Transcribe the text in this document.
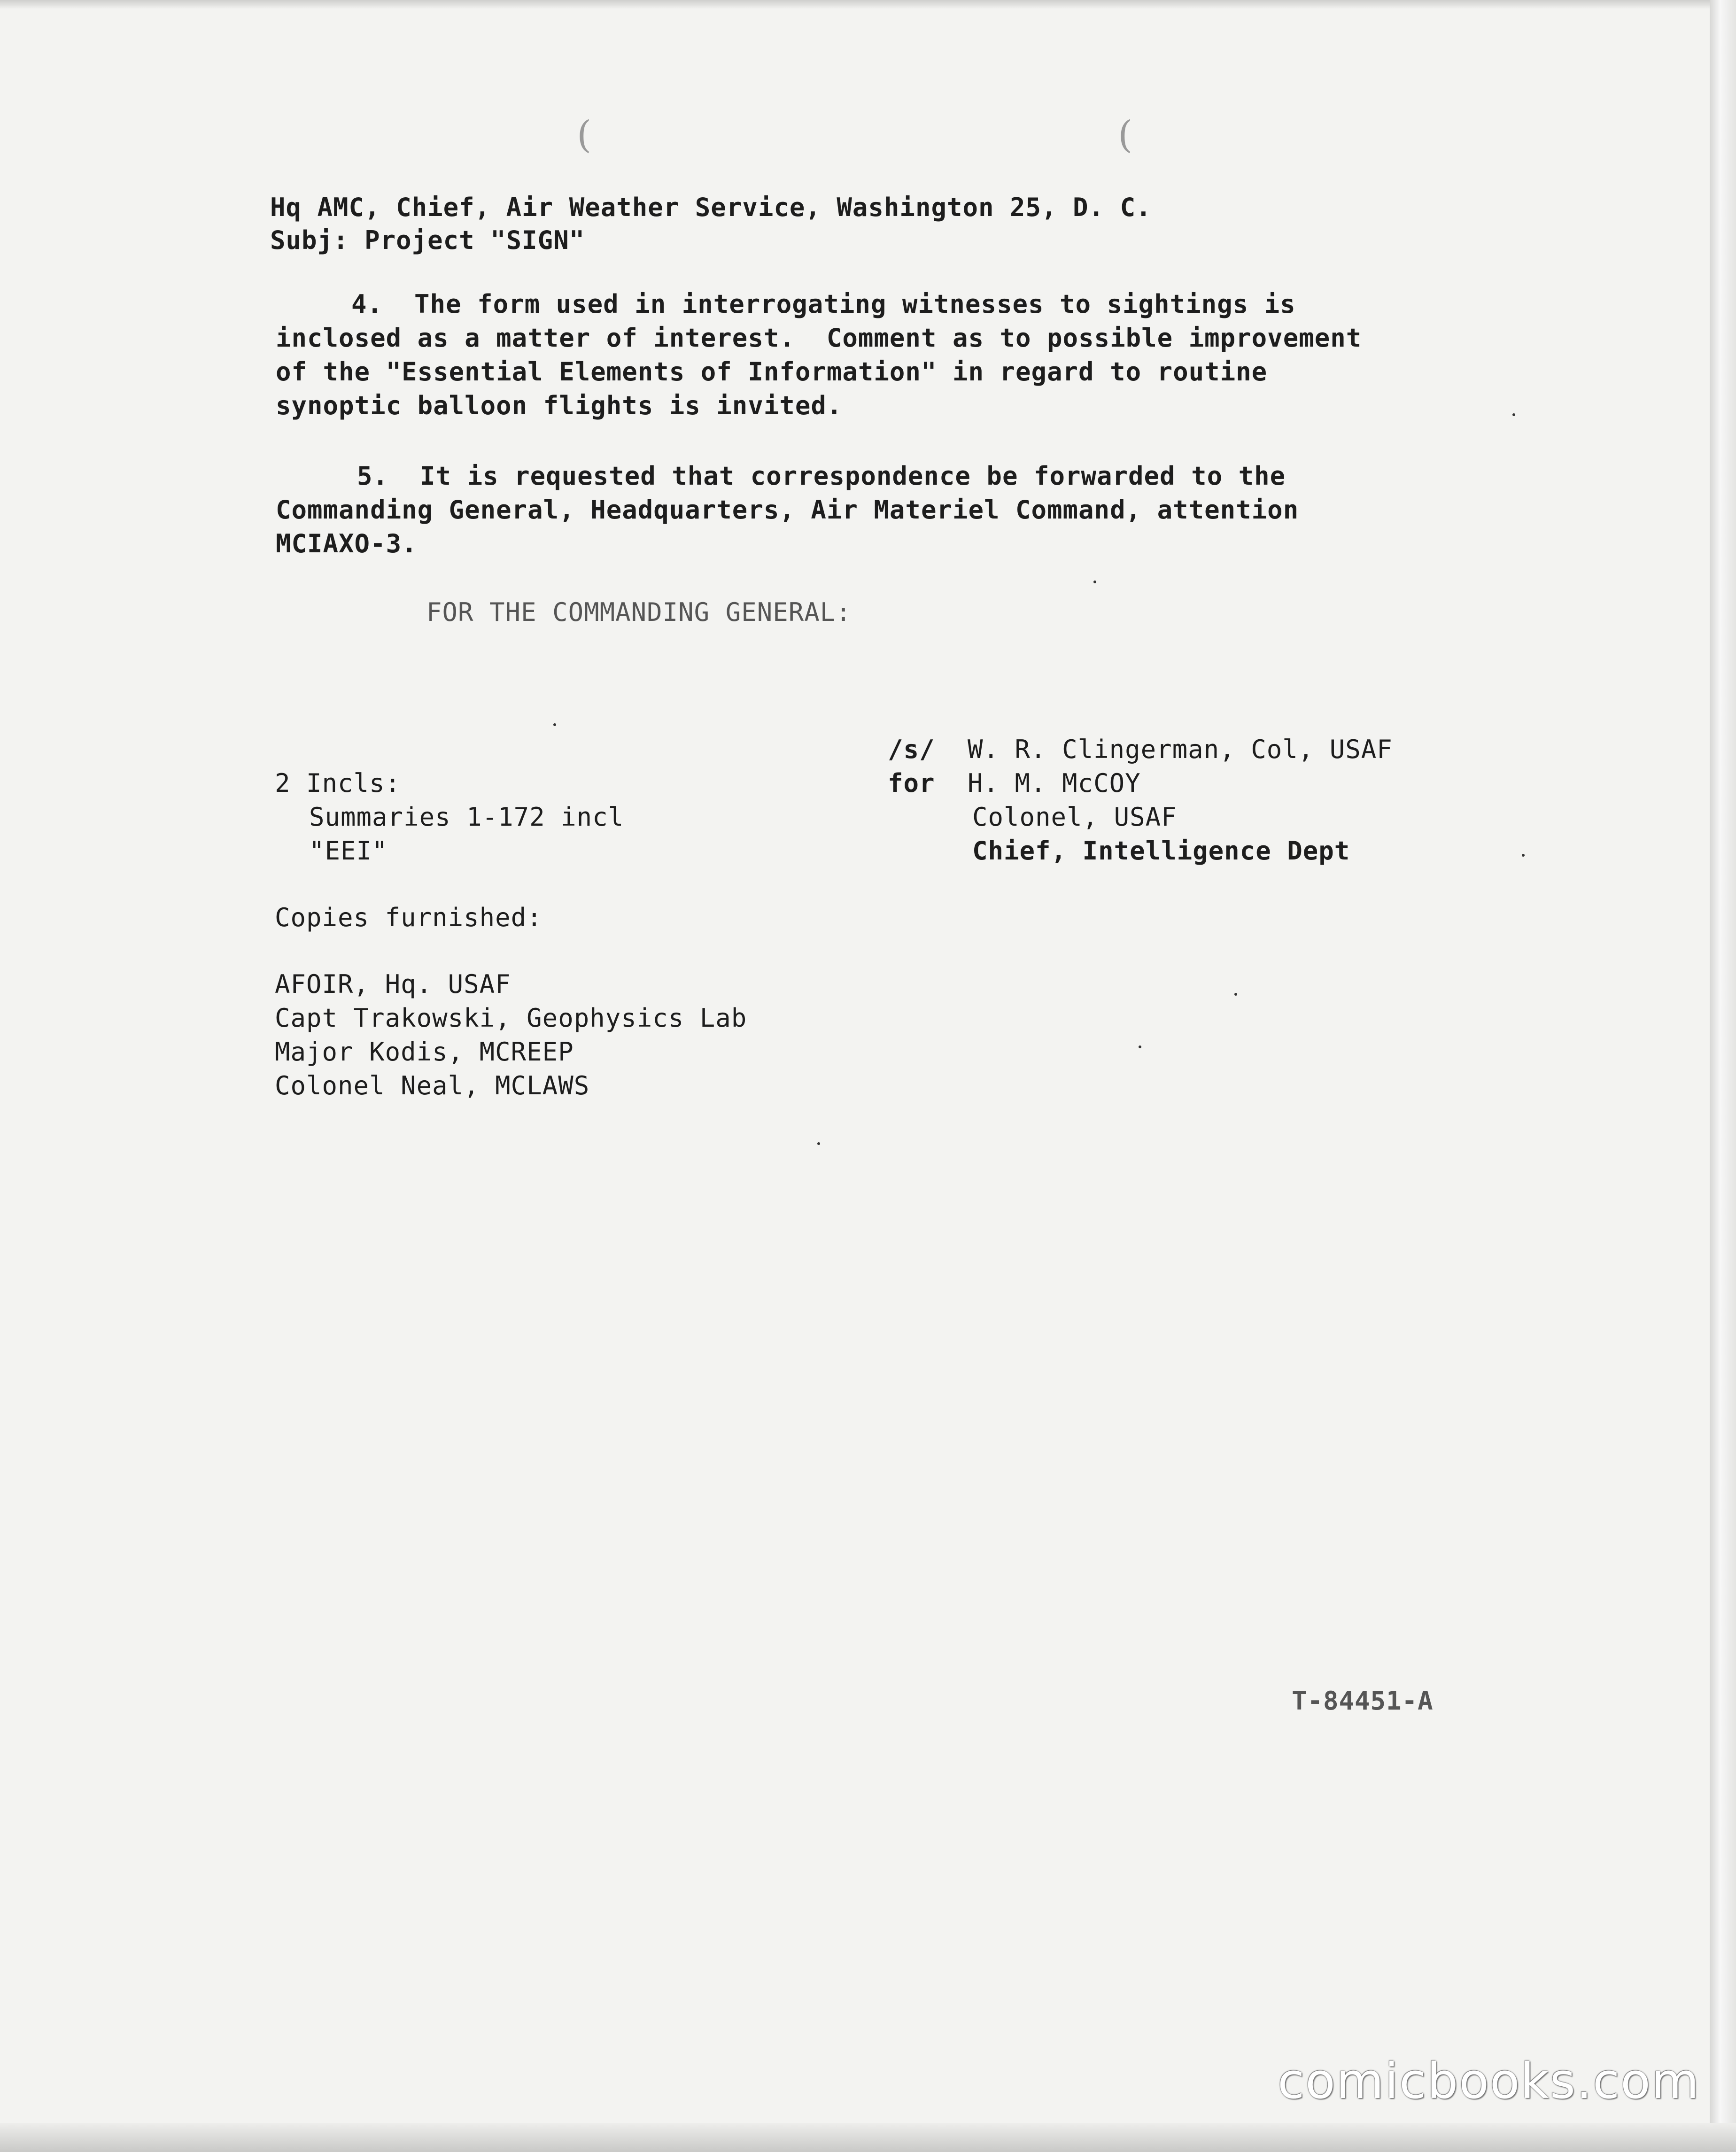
(	(
Hq AMC, Chief, Air Weather Service, Washington 25, D. C.
Subj: Project "SIGN"
4.  The form used in interrogating witnesses to sightings is
inclosed as a matter of interest.  Comment as to possible improvement
of the "Essential Elements of Information" in regard to routine
synoptic balloon flights is invited.
5.  It is requested that correspondence be forwarded to the
Commanding General, Headquarters, Air Materiel Command, attention
MCIAXO-3.
FOR THE COMMANDING GENERAL:
/s/ W. R. Clingerman, Col, USAF
for H. M. McCOY
Colonel, USAF
Chief, Intelligence Dept
2 Incls:
Summaries 1-172 incl
"EEI"
Copies furnished:
AFOIR, Hq. USAF
Capt Trakowski, Geophysics Lab
Major Kodis, MCREEP
Colonel Neal, MCLAWS
T-84451-A
comicbooks.com
